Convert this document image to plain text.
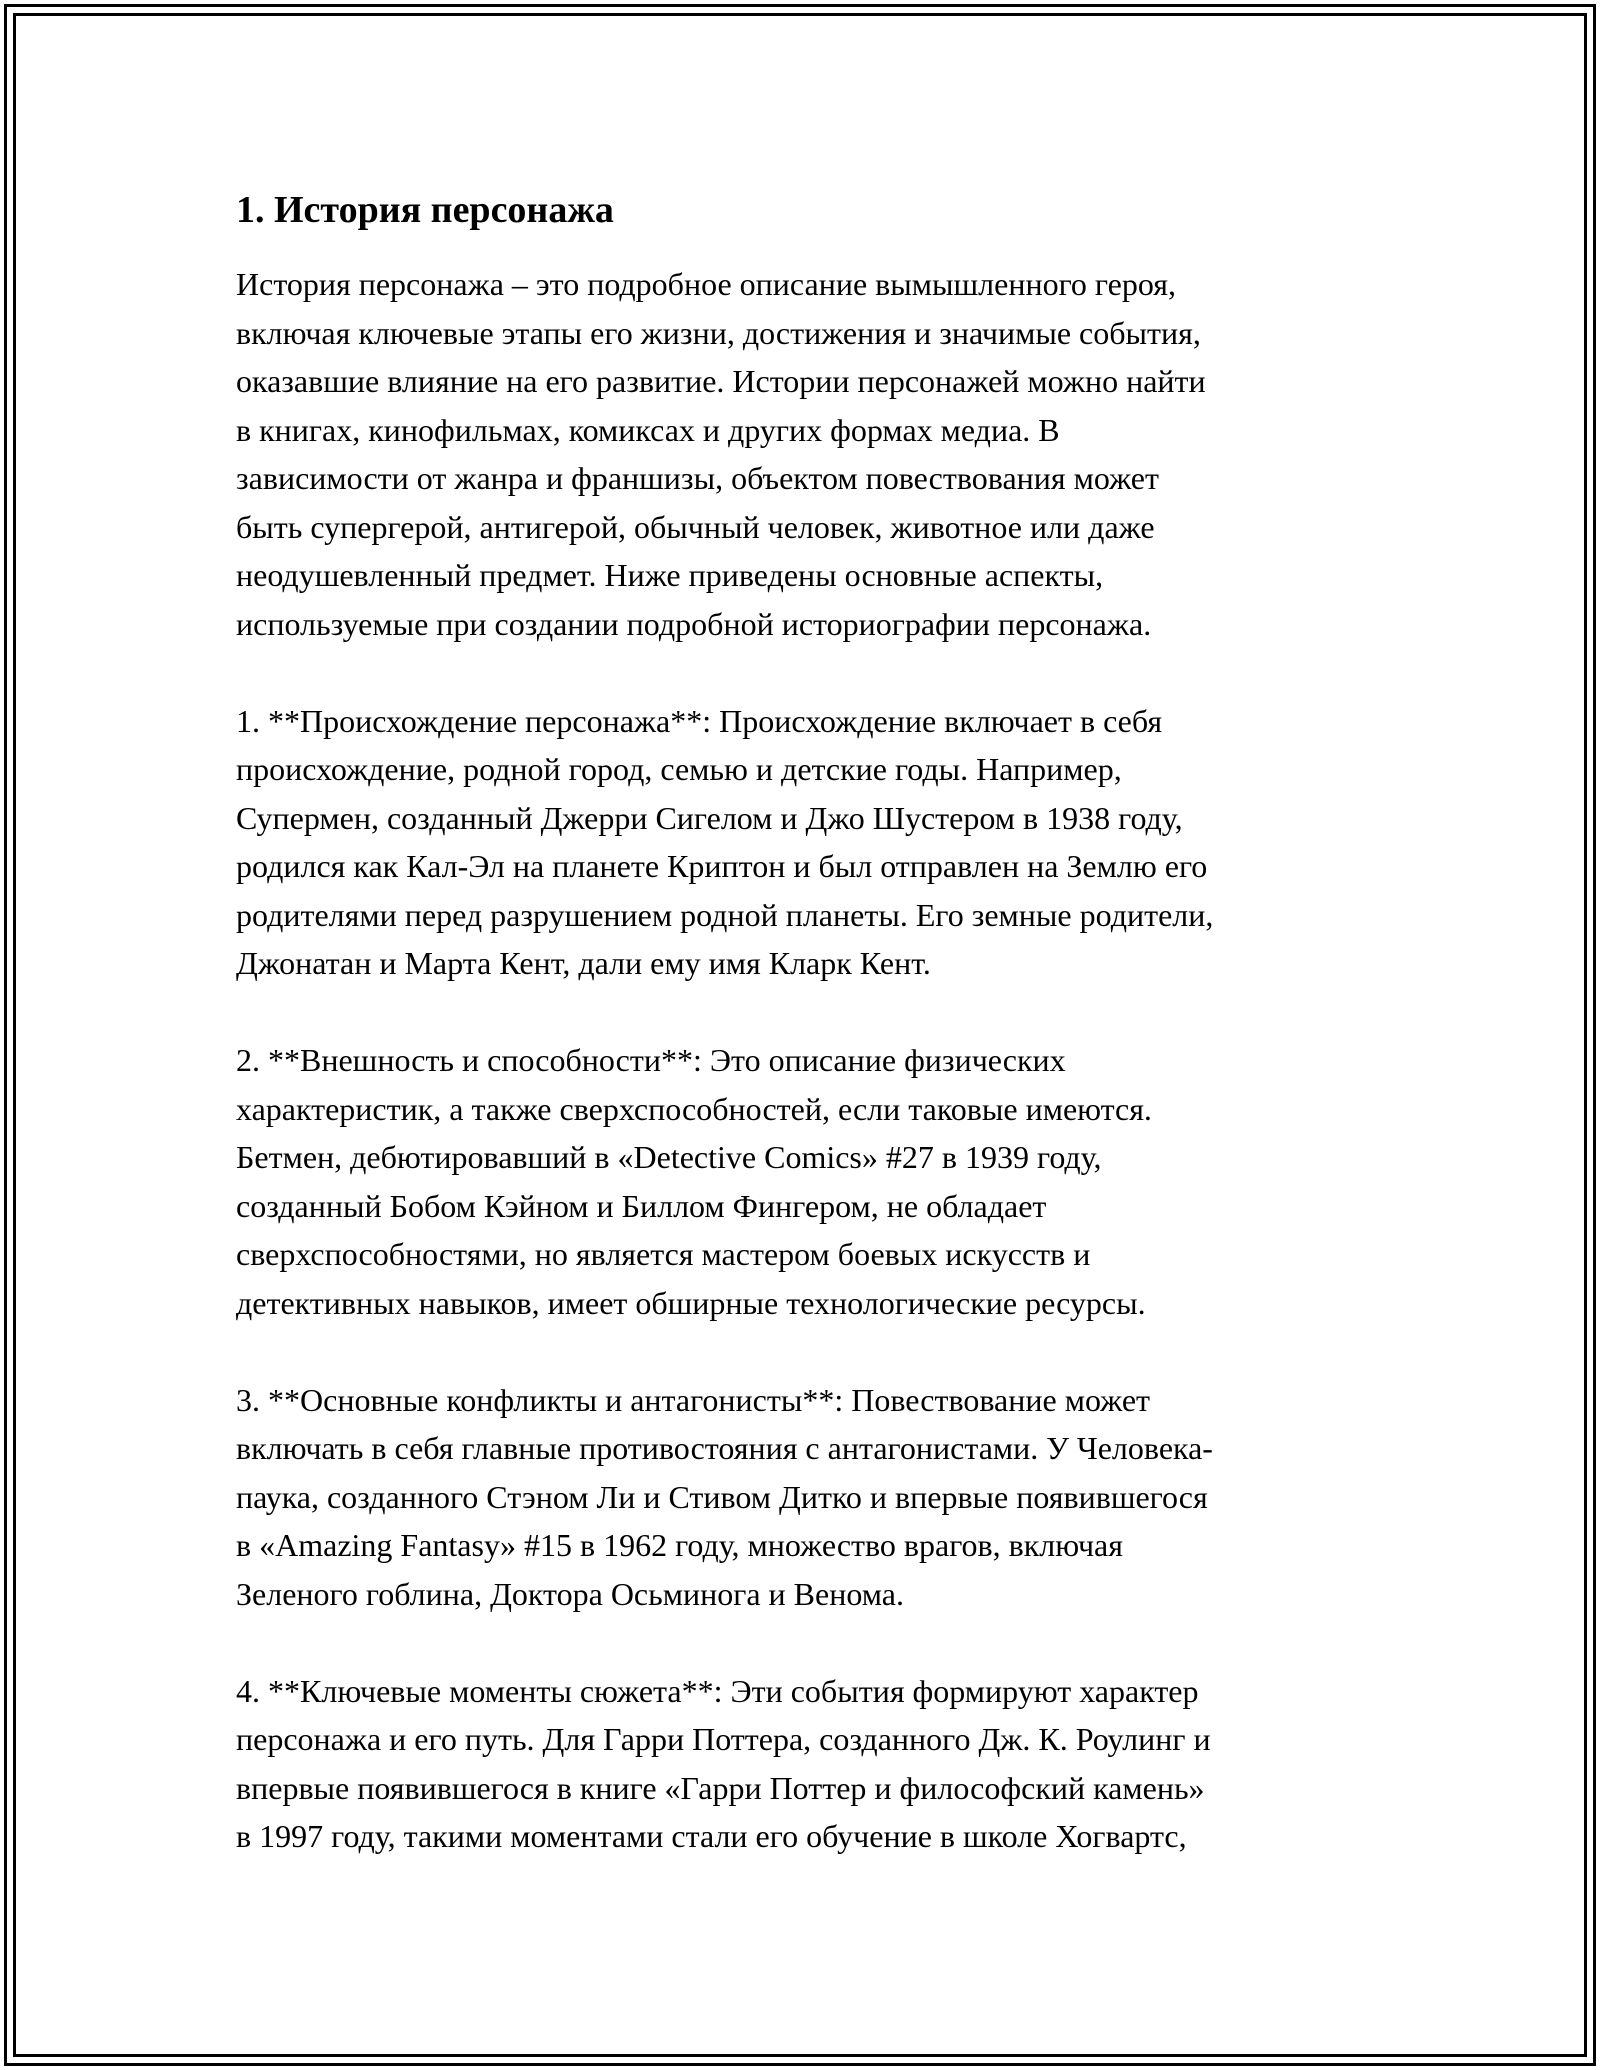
1. История персонажа

История персонажа – это подробное описание вымышленного героя,
включая ключевые этапы его жизни, достижения и значимые события,
оказавшие влияние на его развитие. Истории персонажей можно найти
в книгах, кинофильмах, комиксах и других формах медиа. В
зависимости от жанра и франшизы, объектом повествования может
быть супергерой, антигерой, обычный человек, животное или даже
неодушевленный предмет. Ниже приведены основные аспекты,
используемые при создании подробной историографии персонажа.

1. **Происхождение персонажа**: Происхождение включает в себя
происхождение, родной город, семью и детские годы. Например,
Супермен, созданный Джерри Сигелом и Джо Шустером в 1938 году,
родился как Кал-Эл на планете Криптон и был отправлен на Землю его
родителями перед разрушением родной планеты. Его земные родители,
Джонатан и Марта Кент, дали ему имя Кларк Кент.

2. **Внешность и способности**: Это описание физических
характеристик, а также сверхспособностей, если таковые имеются.
Бетмен, дебютировавший в «Detective Comics» #27 в 1939 году,
созданный Бобом Кэйном и Биллом Фингером, не обладает
сверхспособностями, но является мастером боевых искусств и
детективных навыков, имеет обширные технологические ресурсы.

3. **Основные конфликты и антагонисты**: Повествование может
включать в себя главные противостояния с антагонистами. У Человека-
паука, созданного Стэном Ли и Стивом Дитко и впервые появившегося
в «Amazing Fantasy» #15 в 1962 году, множество врагов, включая
Зеленого гоблина, Доктора Осьминога и Венома.

4. **Ключевые моменты сюжета**: Эти события формируют характер
персонажа и его путь. Для Гарри Поттера, созданного Дж. К. Роулинг и
впервые появившегося в книге «Гарри Поттер и философский камень»
в 1997 году, такими моментами стали его обучение в школе Хогвартс,
